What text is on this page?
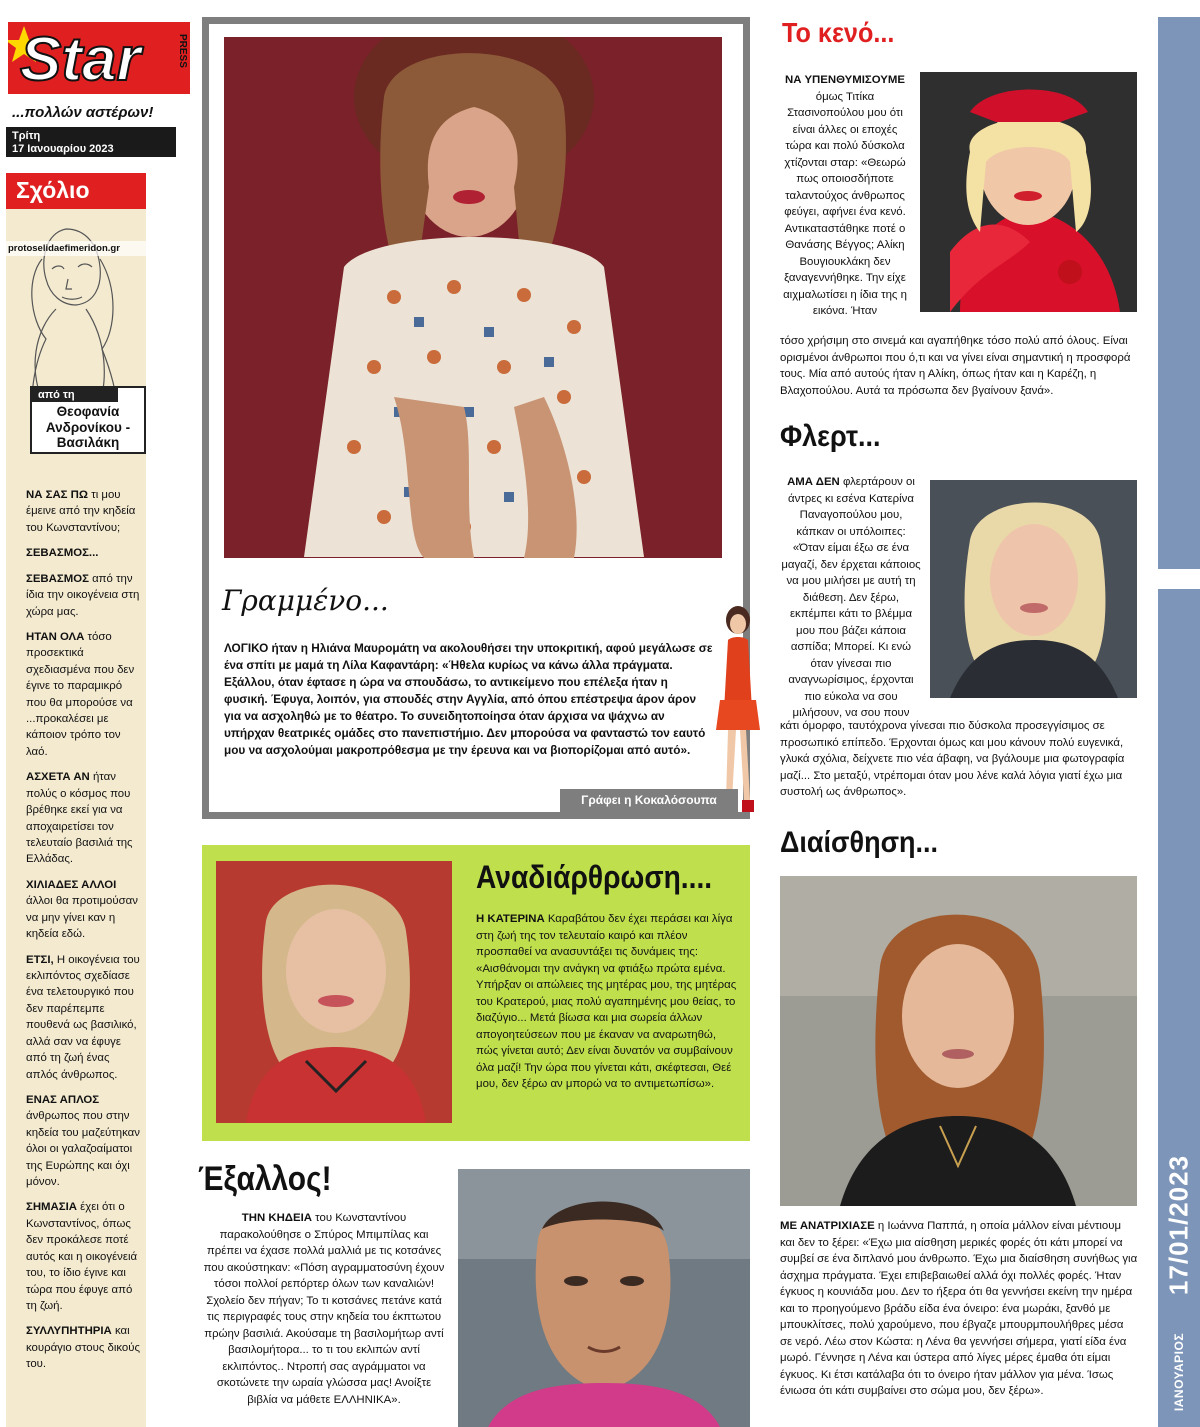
Star	PRESS
...πολλών αστέρων!
Τρίτη
17 Ιανουαρίου 2023
Σχόλιο
protoselidaefimeridon.gr
από τη
Θεοφανία Ανδρονίκου - Βασιλάκη

ΝΑ ΣΑΣ ΠΩ τι μου έμεινε από την κηδεία του Κωνσταντίνου;

ΣΕΒΑΣΜΟΣ...

ΣΕΒΑΣΜΟΣ από την ίδια την οικογένεια στη χώρα μας.

ΗΤΑΝ ΟΛΑ τόσο προσεκτικά σχεδιασμένα που δεν έγινε το παραμικρό που θα μπορούσε να ...προκαλέσει με κάποιον τρόπο τον λαό.

ΑΣΧΕΤΑ ΑΝ ήταν πολύς ο κόσμος που βρέθηκε εκεί για να αποχαιρετίσει τον τελευταίο βασιλιά της Ελλάδας.

ΧΙΛΙΑΔΕΣ ΑΛΛΟΙ άλλοι θα προτιμούσαν να μην γίνει καν η κηδεία εδώ.

ΕΤΣΙ, Η οικογένεια του εκλιπόντος σχεδίασε ένα τελετουργικό που δεν παρέπεμπε πουθενά ως βασιλικό, αλλά σαν να έφυγε από τη ζωή ένας απλός άνθρωπος.

ΕΝΑΣ ΑΠΛΟΣ άνθρωπος που στην κηδεία του μαζεύτηκαν όλοι οι γαλαζοαίματοι της Ευρώπης και όχι μόνον.

ΣΗΜΑΣΙΑ έχει ότι ο Κωνσταντίνος, όπως δεν προκάλεσε ποτέ αυτός και η οικογένειά του, το ίδιο έγινε και τώρα που έφυγε από τη ζωή.

ΣΥΛΛΥΠΗΤΗΡΙΑ και κουράγιο στους δικούς του.

Γραμμένο...

ΛΟΓΙΚΟ ήταν η Ηλιάνα Μαυρομάτη να ακολουθήσει την υποκριτική, αφού μεγάλωσε σε ένα σπίτι με μαμά τη Λίλα Καφαντάρη: «Ήθελα κυρίως να κάνω άλλα πράγματα. Εξάλλου, όταν έφτασε η ώρα να σπουδάσω, το αντικείμενο που επέλεξα ήταν η φυσική. Έφυγα, λοιπόν, για σπουδές στην Αγγλία, από όπου επέστρεψα άρον άρον για να ασχοληθώ με το θέατρο. Το συνειδητοποίησα όταν άρχισα να ψάχνω αν υπήρχαν θεατρικές ομάδες στο πανεπιστήμιο. Δεν μπορούσα να φανταστώ τον εαυτό μου να ασχολούμαι μακροπρόθεσμα με την έρευνα και να βιοπορίζομαι από αυτό».

Γράφει η Κοκαλόσουπα
Αναδιάρθρωση....

Η ΚΑΤΕΡΙΝΑ Καραβάτου δεν έχει περάσει και λίγα στη ζωή της τον τελευταίο καιρό και πλέον προσπαθεί να ανασυντάξει τις δυνάμεις της: «Αισθάνομαι την ανάγκη να φτιάξω πρώτα εμένα. Υπήρξαν οι απώλειες της μητέρας μου, της μητέρας του Κρατερού, μιας πολύ αγαπημένης μου θείας, το διαζύγιο... Μετά βίωσα και μια σωρεία άλλων απογοητεύσεων που με έκαναν να αναρωτηθώ, πώς γίνεται αυτό; Δεν είναι δυνατόν να συμβαίνουν όλα μαζί! Την ώρα που γίνεται κάτι, σκέφτεσαι, Θεέ μου, δεν ξέρω αν μπορώ να το αντιμετωπίσω».

Έξαλλος!

ΤΗΝ ΚΗΔΕΙΑ του Κωνσταντίνου παρακολούθησε ο Σπύρος Μπιμπίλας και πρέπει να έχασε πολλά μαλλιά με τις κοτσάνες που ακούστηκαν: «Πόση αγραμματοσύνη έχουν τόσοι πολλοί ρεπόρτερ όλων των καναλιών! Σχολείο δεν πήγαν; Το τι κοτσάνες πετάνε κατά τις περιγραφές τους στην κηδεία του έκπτωτου πρώην βασιλιά. Ακούσαμε τη βασιλομήτωρ αντί βασιλομήτορα... το τι του εκλιπών αντί εκλιπόντος.. Ντροπή σας αγράμματοι να σκοτώνετε την ωραία γλώσσα μας! Ανοίξτε βιβλία να μάθετε ΕΛΛΗΝΙΚΑ».

Το κενό...

ΝΑ ΥΠΕΝΘΥΜΙΣΟΥΜΕ όμως Τιτίκα Στασινοπούλου μου ότι είναι άλλες οι εποχές τώρα και πολύ δύσκολα χτίζονται σταρ: «Θεωρώ πως οποιοσδήποτε ταλαντούχος άνθρωπος φεύγει, αφήνει ένα κενό. Αντικαταστάθηκε ποτέ ο Θανάσης Βέγγος; Αλίκη Βουγιουκλάκη δεν ξαναγεννήθηκε. Την είχε αιχμαλωτίσει η ίδια της η εικόνα. Ήταν

τόσο χρήσιμη στο σινεμά και αγαπήθηκε τόσο πολύ από όλους. Είναι ορισμένοι άνθρωποι που ό,τι και να γίνει είναι σημαντική η προσφορά τους. Μία από αυτούς ήταν η Αλίκη, όπως ήταν και η Καρέζη, η Βλαχοπούλου. Αυτά τα πρόσωπα δεν βγαίνουν ξανά».

Φλερτ...

ΑΜΑ ΔΕΝ φλερτάρουν οι άντρες κι εσένα Κατερίνα Παναγοπούλου μου, κάπκαν οι υπόλοιπες: «Όταν είμαι έξω σε ένα μαγαζί, δεν έρχεται κάποιος να μου μιλήσει με αυτή τη διάθεση. Δεν ξέρω, εκπέμπει κάτι το βλέμμα μου που βάζει κάποια ασπίδα; Μπορεί. Κι ενώ όταν γίνεσαι πιο αναγνωρίσιμος, έρχονται πιο εύκολα να σου μιλήσουν, να σου πουν

κάτι όμορφο, ταυτόχρονα γίνεσαι πιο δύσκολα προσεγγίσιμος σε προσωπικό επίπεδο. Έρχονται όμως και μου κάνουν πολύ ευγενικά, γλυκά σχόλια, δείχνετε πιο νέα άβαφη, να βγάλουμε μια φωτογραφία μαζί... Στο μεταξύ, ντρέπομαι όταν μου λένε καλά λόγια γιατί έχω μια συστολή ως άνθρωπος».

Διαίσθηση...

ΜΕ ΑΝΑΤΡΙΧΙΑΣΕ η Ιωάννα Παππά, η οποία μάλλον είναι μέντιουμ και δεν το ξέρει: «Έχω μια αίσθηση μερικές φορές ότι κάτι μπορεί να συμβεί σε ένα διπλανό μου άνθρωπο. Έχω μια διαίσθηση συνήθως για άσχημα πράγματα. Έχει επιβεβαιωθεί αλλά όχι πολλές φορές. Ήταν έγκυος η κουνιάδα μου. Δεν το ήξερα ότι θα γεννήσει εκείνη την ημέρα και το προηγούμενο βράδυ είδα ένα όνειρο: ένα μωράκι, ξανθό με μπουκλίτσες, πολύ χαρούμενο, που έβγαζε μπουρμπουλήθρες μέσα σε νερό. Λέω στον Κώστα: η Λένα θα γεννήσει σήμερα, γιατί είδα ένα μωρό. Γέννησε η Λένα και ύστερα από λίγες μέρες έμαθα ότι είμαι έγκυος. Κι έτσι κατάλαβα ότι το όνειρο ήταν μάλλον για μένα. Ίσως ένιωσα ότι κάτι συμβαίνει στο σώμα μου, δεν ξέρω».

17/01/2023
ΙΑΝΟΥΑΡΙΟΣ
